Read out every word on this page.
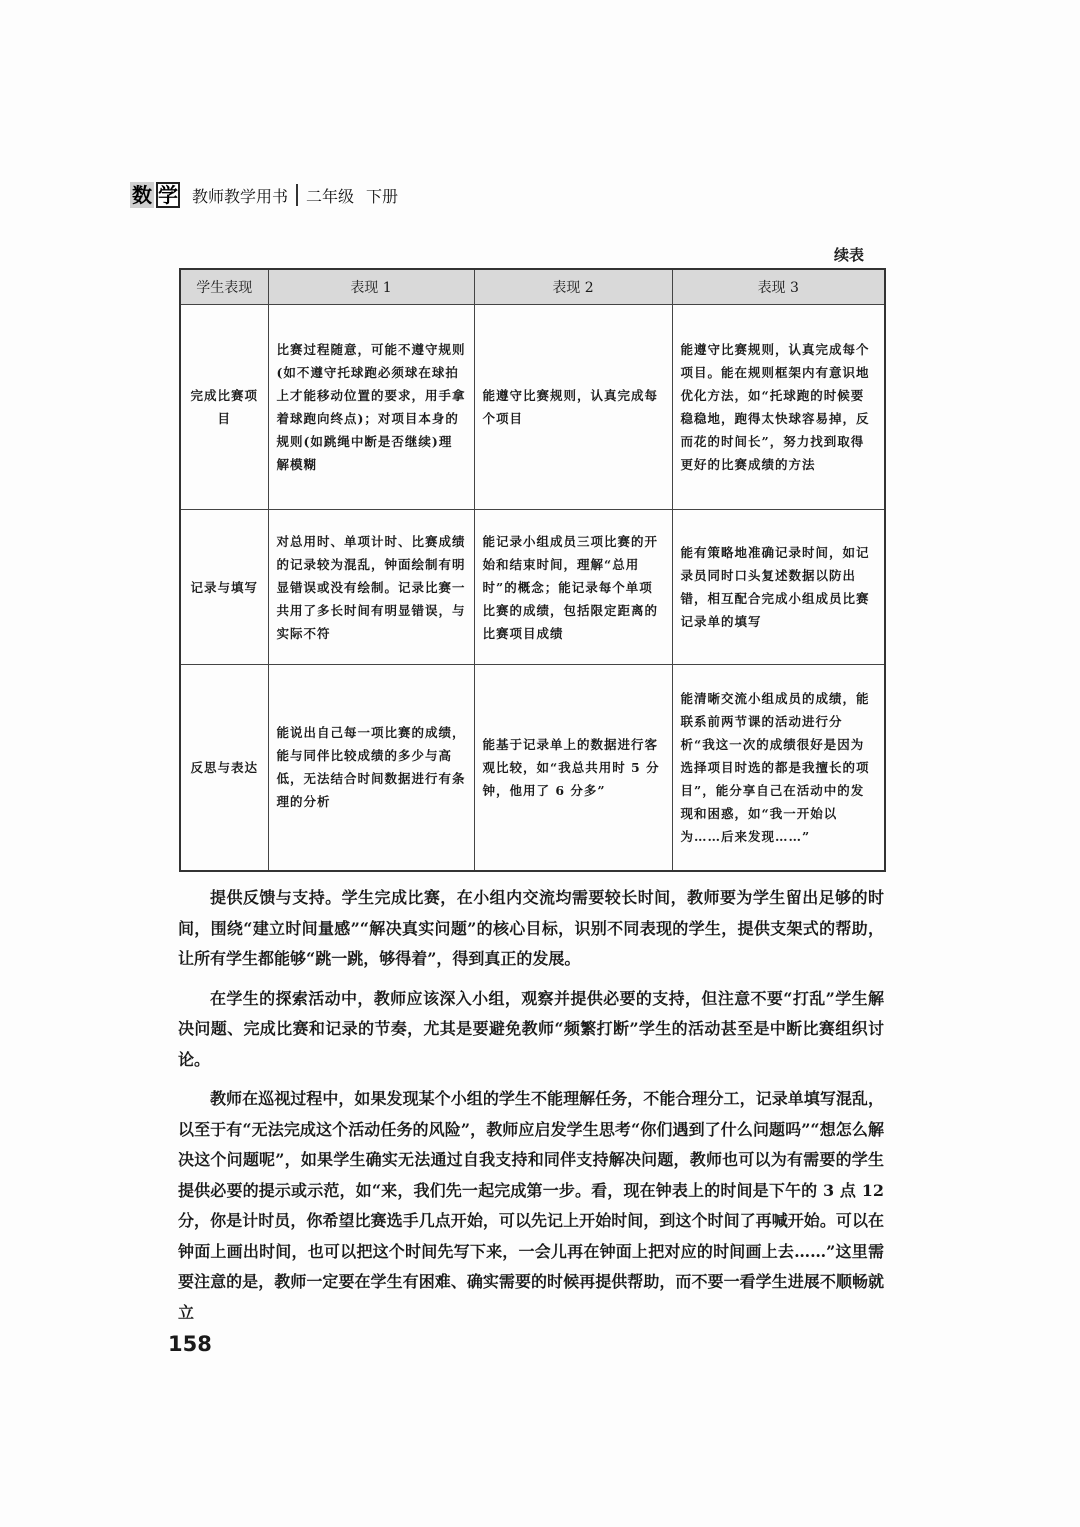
数 学 教师教学用书 二年级 下册
续表
学生表现	表现 1	表现 2	表现 3
完成比赛项目	比赛过程随意，可能不遵守规则(如不遵守托球跑必须球在球拍上才能移动位置的要求，用手拿着球跑向终点)；对项目本身的规则(如跳绳中断是否继续)理解模糊	能遵守比赛规则，认真完成每个项目	能遵守比赛规则，认真完成每个项目。能在规则框架内有意识地优化方法，如“托球跑的时候要稳稳地，跑得太快球容易掉，反而花的时间长”，努力找到取得更好的比赛成绩的方法
记录与填写	对总用时、单项计时、比赛成绩的记录较为混乱，钟面绘制有明显错误或没有绘制。记录比赛一共用了多长时间有明显错误，与实际不符	能记录小组成员三项比赛的开始和结束时间，理解“总用时”的概念；能记录每个单项比赛的成绩，包括限定距离的比赛项目成绩	能有策略地准确记录时间，如记录员同时口头复述数据以防出错，相互配合完成小组成员比赛记录单的填写
反思与表达	能说出自己每一项比赛的成绩，能与同伴比较成绩的多少与高低，无法结合时间数据进行有条理的分析	能基于记录单上的数据进行客观比较，如“我总共用时 5 分钟，他用了 6 分多”	能清晰交流小组成员的成绩，能联系前两节课的活动进行分析“我这一次的成绩很好是因为选择项目时选的都是我擅长的项目”，能分享自己在活动中的发现和困惑，如“我一开始以为……后来发现……”

提供反馈与支持。学生完成比赛，在小组内交流均需要较长时间，教师要为学生留出足够的时间，围绕“建立时间量感”“解决真实问题”的核心目标，识别不同表现的学生，提供支架式的帮助，让所有学生都能够“跳一跳，够得着”，得到真正的发展。

在学生的探索活动中，教师应该深入小组，观察并提供必要的支持，但注意不要“打乱”学生解决问题、完成比赛和记录的节奏，尤其是要避免教师“频繁打断”学生的活动甚至是中断比赛组织讨论。

教师在巡视过程中，如果发现某个小组的学生不能理解任务，不能合理分工，记录单填写混乱，以至于有“无法完成这个活动任务的风险”，教师应启发学生思考“你们遇到了什么问题吗”“想怎么解决这个问题呢”，如果学生确实无法通过自我支持和同伴支持解决问题，教师也可以为有需要的学生提供必要的提示或示范，如“来，我们先一起完成第一步。看，现在钟表上的时间是下午的 3 点 12 分，你是计时员，你希望比赛选手几点开始，可以先记上开始时间，到这个时间了再喊开始。可以在钟面上画出时间，也可以把这个时间先写下来，一会儿再在钟面上把对应的时间画上去……”这里需要注意的是，教师一定要在学生有困难、确实需要的时候再提供帮助，而不要一看学生进展不顺畅就立

158
